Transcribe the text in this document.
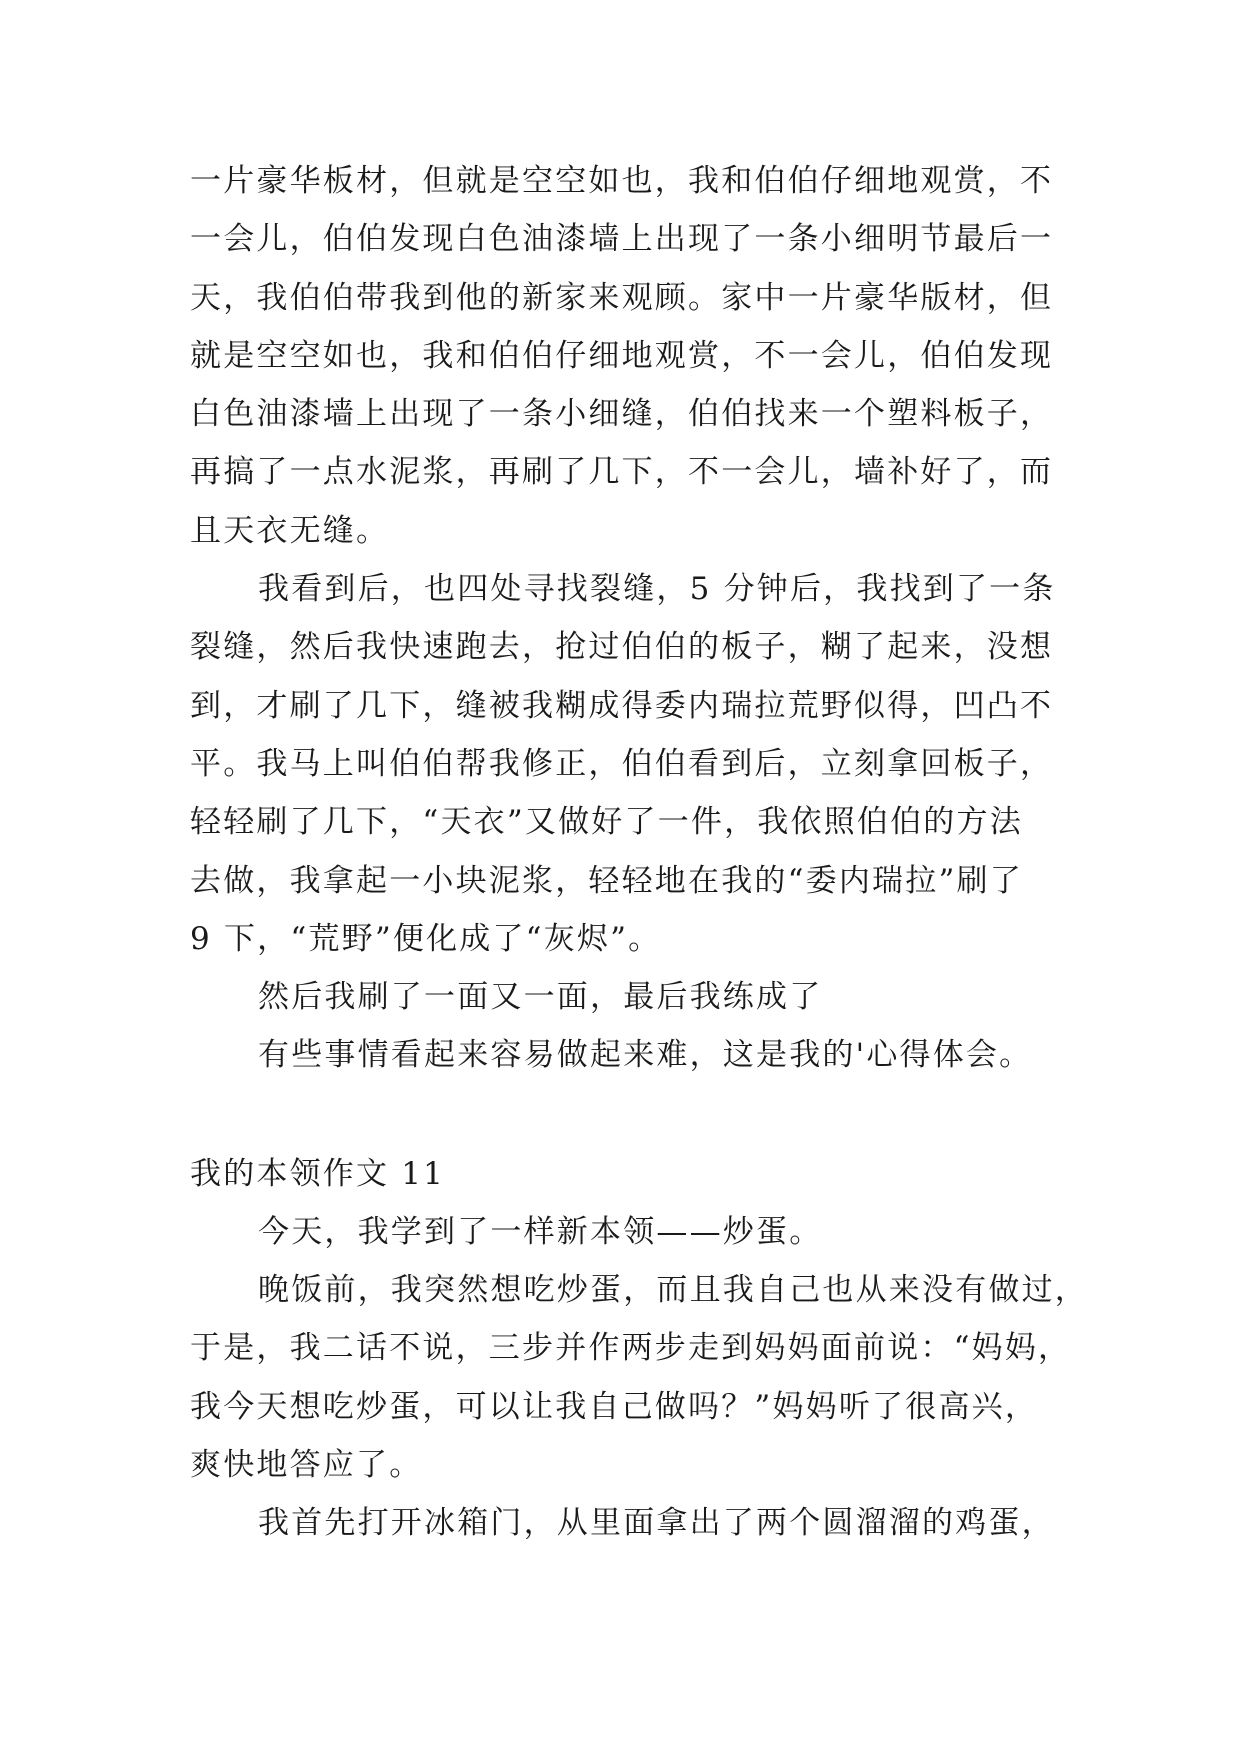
一片豪华板材，但就是空空如也，我和伯伯仔细地观赏，不
一会儿，伯伯发现白色油漆墙上出现了一条小细明节最后一
天，我伯伯带我到他的新家来观顾。家中一片豪华版材，但
就是空空如也，我和伯伯仔细地观赏，不一会儿，伯伯发现
白色油漆墙上出现了一条小细缝，伯伯找来一个塑料板子，
再搞了一点水泥浆，再刷了几下，不一会儿，墙补好了，而
且天衣无缝。
我看到后，也四处寻找裂缝，5 分钟后，我找到了一条
裂缝，然后我快速跑去，抢过伯伯的板子，糊了起来，没想
到，才刷了几下，缝被我糊成得委内瑞拉荒野似得，凹凸不
平。我马上叫伯伯帮我修正，伯伯看到后，立刻拿回板子，
轻轻刷了几下，“天衣”又做好了一件，我依照伯伯的方法
去做，我拿起一小块泥浆，轻轻地在我的“委内瑞拉”刷了
9 下，“荒野”便化成了“灰烬”。
然后我刷了一面又一面，最后我练成了
有些事情看起来容易做起来难，这是我的'心得体会。
我的本领作文 11
今天，我学到了一样新本领——炒蛋。
晚饭前，我突然想吃炒蛋，而且我自己也从来没有做过，
于是，我二话不说，三步并作两步走到妈妈面前说：“妈妈，
我今天想吃炒蛋，可以让我自己做吗？”妈妈听了很高兴，
爽快地答应了。
我首先打开冰箱门，从里面拿出了两个圆溜溜的鸡蛋，
